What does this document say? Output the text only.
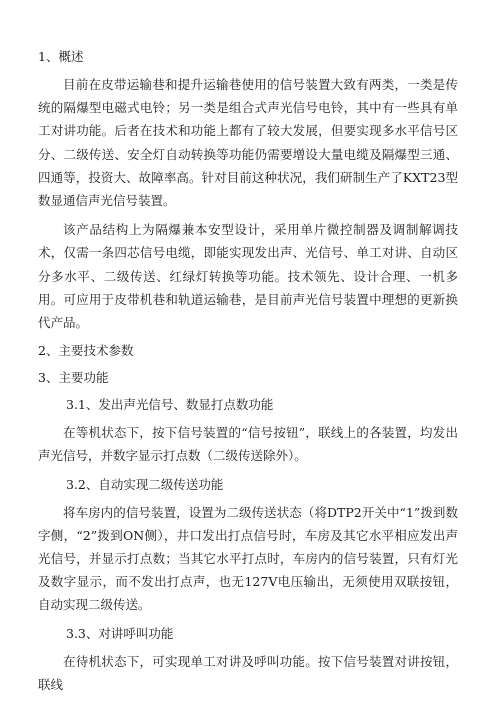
1、概述
目前在皮带运输巷和提升运输巷使用的信号装置大致有两类，一类是传统的隔爆型电磁式电铃；另一类是组合式声光信号电铃，其中有一些具有单工对讲功能。后者在技术和功能上都有了较大发展，但要实现多水平信号区分、二级传送、安全灯自动转换等功能仍需要增设大量电缆及隔爆型三通、四通等，投资大、故障率高。针对目前这种状况，我们研制生产了KXT23型数显通信声光信号装置。
该产品结构上为隔爆兼本安型设计，采用单片微控制器及调制解调技术，仅需一条四芯信号电缆，即能实现发出声、光信号、单工对讲、自动区分多水平、二级传送、红绿灯转换等功能。技术领先、设计合理、一机多用。可应用于皮带机巷和轨道运输巷，是目前声光信号装置中理想的更新换代产品。
2、主要技术参数
3、主要功能
3.1、发出声光信号、数显打点数功能
在等机状态下，按下信号装置的“信号按钮”，联线上的各装置，均发出声光信号，并数字显示打点数（二级传送除外）。
3.2、自动实现二级传送功能
将车房内的信号装置，设置为二级传送状态（将DTP2开关中“1”拨到数字侧，“2”拨到ON侧），井口发出打点信号时，车房及其它水平相应发出声光信号，并显示打点数；当其它水平打点时，车房内的信号装置，只有灯光及数字显示，而不发出打点声，也无127V电压输出，无须使用双联按钮，自动实现二级传送。
3.3、对讲呼叫功能
在待机状态下，可实现单工对讲及呼叫功能。按下信号装置对讲按钮，联线
